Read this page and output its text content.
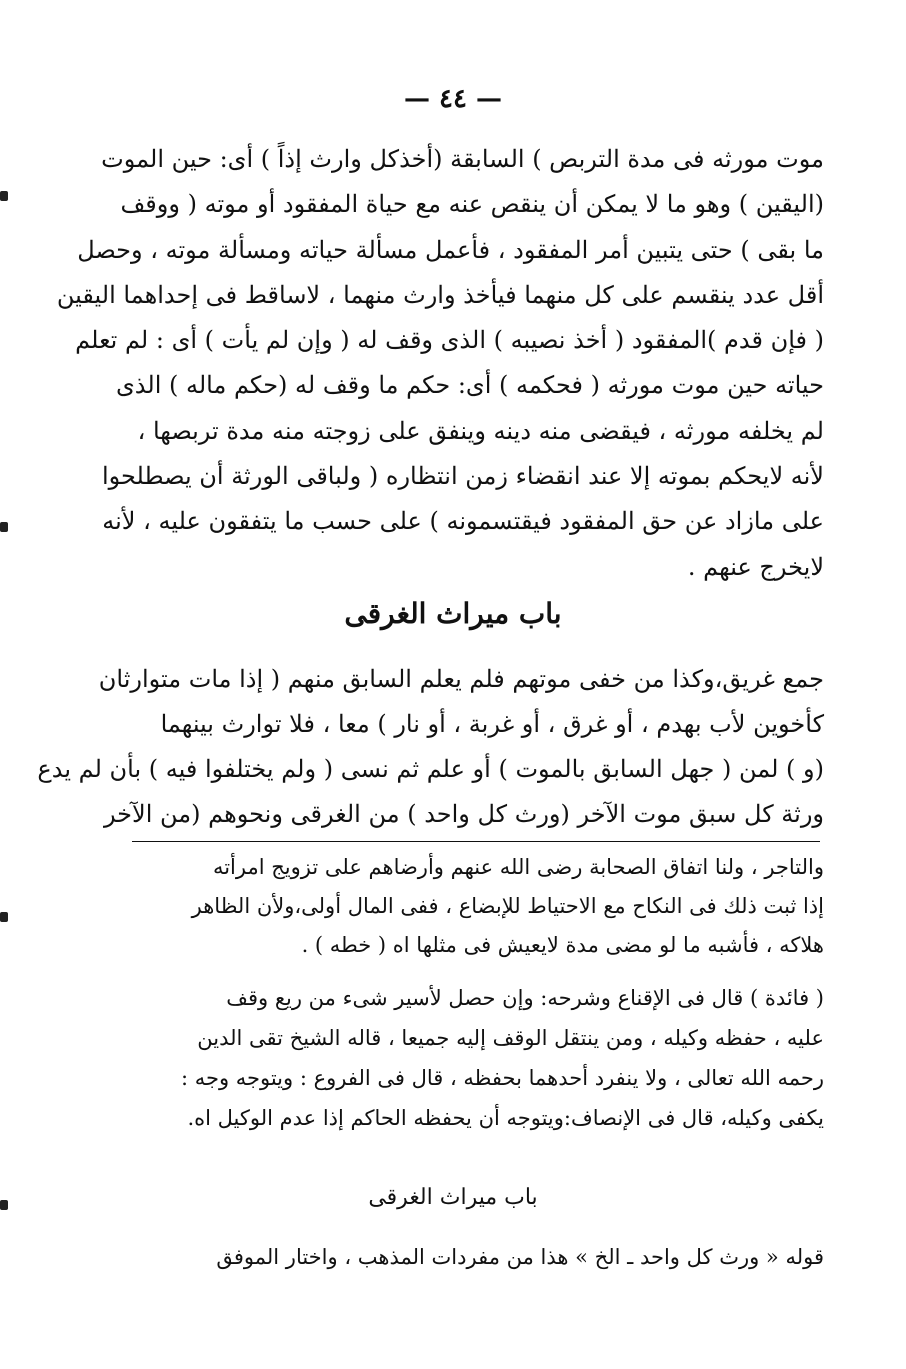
— ٤٤ —
موت مورثه فى مدة التربص ) السابقة (أخذكل وارث إذاً ) أى: حين الموت
(اليقين ) وهو ما لا يمكن أن ينقص عنه مع حياة المفقود أو موته ( ووقف
ما بقى ) حتى يتبين أمر المفقود ، فأعمل مسألة حياته ومسألة موته ، وحصل
أقل عدد ينقسم على كل منهما فيأخذ وارث منهما ، لاساقط فى إحداهما اليقين
( فإن قدم )المفقود ( أخذ نصيبه ) الذى وقف له ( وإن لم يأت ) أى : لم تعلم
حياته حين موت مورثه ( فحكمه ) أى: حكم ما وقف له (حكم ماله ) الذى
لم يخلفه مورثه ، فيقضى منه دينه وينفق على زوجته منه مدة تربصها ،
لأنه لايحكم بموته إلا عند انقضاء زمن انتظاره ( ولباقى الورثة أن يصطلحوا
على مازاد عن حق المفقود فيقتسمونه ) على حسب ما يتفقون عليه ، لأنه
لايخرج عنهم .
باب ميراث الغرقى
جمع غريق،وكذا من خفى موتهم فلم يعلم السابق منهم ( إذا مات متوارثان
كأخوين لأب بهدم ، أو غرق ، أو غربة ، أو نار ) معا ، فلا توارث بينهما
(و ) لمن ( جهل السابق بالموت ) أو علم ثم نسى ( ولم يختلفوا فيه ) بأن لم يدع
ورثة كل سبق موت الآخر (ورث كل واحد ) من الغرقى ونحوهم (من الآخر
والتاجر ، ولنا اتفاق الصحابة رضى الله عنهم وأرضاهم على تزويج امرأته
إذا ثبت ذلك فى النكاح مع الاحتياط للإبضاع ، ففى المال أولى،ولأن الظاهر
هلاكه ، فأشبه ما لو مضى مدة لايعيش فى مثلها اه ( خطه ) .
( فائدة ) قال فى الإقناع وشرحه: وإن حصل لأسير شىء من ريع وقف
عليه ، حفظه وكيله ، ومن ينتقل الوقف إليه جميعا ، قاله الشيخ تقى الدين
رحمه الله تعالى ، ولا ينفرد أحدهما بحفظه ، قال فى الفروع : ويتوجه وجه :
يكفى وكيله، قال فى الإنصاف:ويتوجه أن يحفظه الحاكم إذا عدم الوكيل اه.
باب ميراث الغرقى
قوله « ورث كل واحد ـ الخ » هذا من مفردات المذهب ، واختار الموفق
